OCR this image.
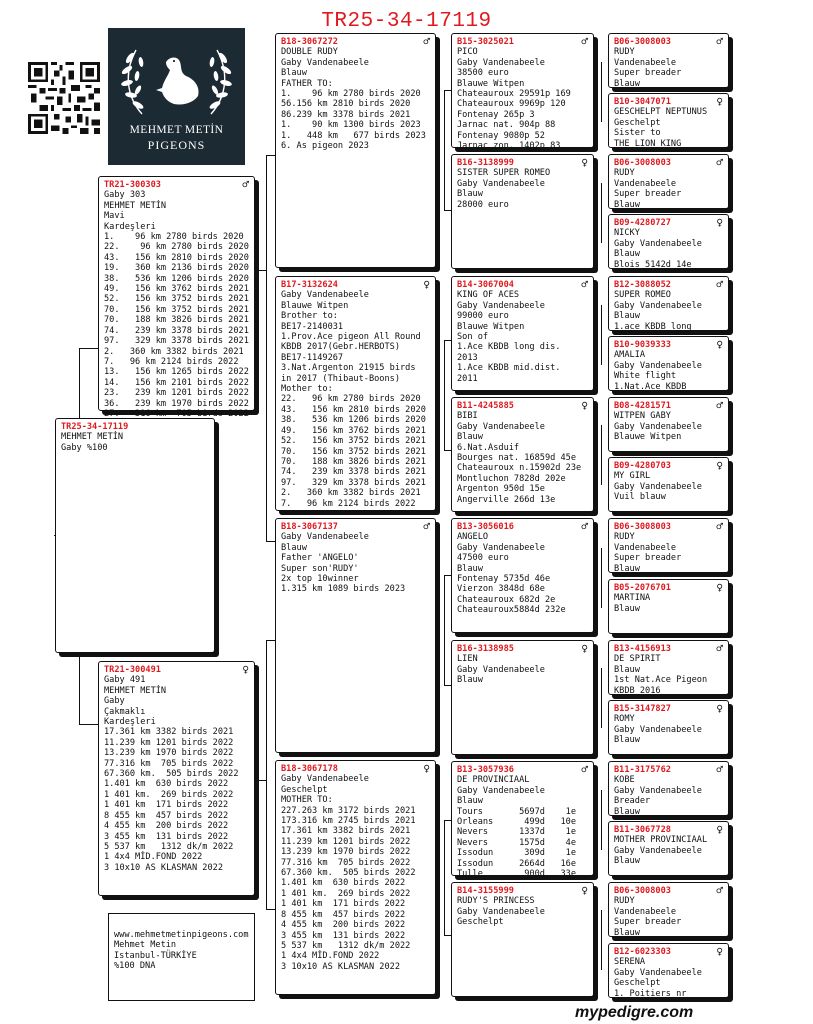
TR25-34-17119
MEHMET METİN
PIGEONS
TR25-34-17119
MEHMET METİN
Gaby %100
TR21-300303	♂
Gaby 303
MEHMET METİN
Mavi
Kardeşleri
1.    96 km 2780 birds 2020
22.    96 km 2780 birds 2020
43.   156 km 2810 birds 2020
19.   360 km 2136 birds 2020
38.   536 km 1206 birds 2020
49.   156 km 3762 birds 2021
52.   156 km 3752 birds 2021
70.   156 km 3752 birds 2021
70.   188 km 3826 birds 2021
74.   239 km 3378 birds 2021
97.   329 km 3378 birds 2021
2.   360 km 3382 birds 2021
7.   96 km 2124 birds 2022
13.   156 km 1265 birds 2022
14.   156 km 2101 birds 2022
23.   239 km 1201 birds 2022
36.   239 km 1970 birds 2022
27.   316 km  705 birds 2022
TR21-300491	♀
Gaby 491
MEHMET METİN
Gaby
Çakmaklı
Kardeşleri
17.361 km 3382 birds 2021
11.239 km 1201 birds 2022
13.239 km 1970 birds 2022
77.316 km  705 birds 2022
67.360 km.  505 birds 2022
1.401 km  630 birds 2022
1 401 km.  269 birds 2022
1 401 km  171 birds 2022
8 455 km  457 birds 2022
4 455 km  200 birds 2022
3 455 km  131 birds 2022
5 537 km   1312 dk/m 2022
1 4x4 MİD.FOND 2022
3 10x10 AS KLASMAN 2022
B18-3067272	♂
DOUBLE RUDY
Gaby Vandenabeele
Blauw
FATHER TO:
1.    96 km 2780 birds 2020
56.156 km 2810 birds 2020
86.239 km 3378 birds 2021
1.    90 km 1300 birds 2023
1.   448 km   677 birds 2023
6. As pigeon 2023
B17-3132624	♀
Gaby Vandenabeele
Blauwe Witpen
Brother to:
BE17-2140031
1.Prov.Ace pigeon All Round
KBDB 2017(Gebr.HERBOTS)
BE17-1149267
3.Nat.Argenton 21915 birds
in 2017 (Thibaut-Boons)
Mother to:
22.   96 km 2780 birds 2020
43.   156 km 2810 birds 2020
38.   536 km 1206 birds 2020
49.   156 km 3762 birds 2021
52.   156 km 3752 birds 2021
70.   156 km 3752 birds 2021
70.   188 km 3826 birds 2021
74.   239 km 3378 birds 2021
97.   329 km 3378 birds 2021
2.   360 km 3382 birds 2021
7.   96 km 2124 birds 2022
B18-3067137	♂
Gaby Vandenabeele
Blauw
Father 'ANGELO'
Super son'RUDY'
2x top 10winner
1.315 km 1089 birds 2023
B18-3067178	♀
Gaby Vandenabeele
Geschelpt
MOTHER TO:
227.263 km 3172 birds 2021
173.316 km 2745 birds 2021
17.361 km 3382 birds 2021
11.239 km 1201 birds 2022
13.239 km 1970 birds 2022
77.316 km  705 birds 2022
67.360 km.  505 birds 2022
1.401 km  630 birds 2022
1 401 km.  269 birds 2022
1 401 km  171 birds 2022
8 455 km  457 birds 2022
4 455 km  200 birds 2022
3 455 km  131 birds 2022
5 537 km   1312 dk/m 2022
1 4x4 MİD.FOND 2022
3 10x10 AS KLASMAN 2022
B15-3025021	♂
PICO
Gaby Vandenabeele
38500 euro
Blauwe Witpen
Chateauroux 29591p 169
Chateauroux 9969p 120
Fontenay 265p 3
Jarnac nat. 904p 88
Fontenay 9080p 52
Jarnac zon. 1402p 83
B16-3138999	♀
SISTER SUPER ROMEO
Gaby Vandenabeele
Blauw
28000 euro
B14-3067004	♂
KING OF ACES
Gaby Vandenabeele
99000 euro
Blauwe Witpen
Son of
1.Ace KBDB long dis.
2013
1.Ace KBDB mid.dist.
2011
B11-4245885	♀
BIBI
Gaby Vandenabeele
Blauw
6.Nat.Asduif
Bourges nat. 16859d 45e
Chateauroux n.15902d 23e
Montluchon 7828d 202e
Argenton 950d 15e
Angerville 266d 13e
B13-3056016	♂
ANGELO
Gaby Vandenabeele
47500 euro
Blauw
Fontenay 5735d 46e
Vierzon 3848d 68e
Chateauroux 682d 2e
Chateauroux5884d 232e
B16-3138985	♀
LIEN
Gaby Vandenabeele
Blauw
B13-3057936	♂
DE PROVINCIAAL
Gaby Vandenabeele
Blauw
Tours       5697d    1e
Orleans      499d   10e
Nevers      1337d    1e
Nevers      1575d    4e
Issodun      309d    1e
Issodun     2664d   16e
Tulle        900d   33e
B14-3155999	♀
RUDY'S PRINCESS
Gaby Vandenabeele
Geschelpt
B06-3008003	♂
RUDY
Vandenabeele
Super breader
Blauw
B10-3047071	♀
GESCHELPT NEPTUNUS
Geschelpt
Sister to
THE LION KING
B06-3008003	♂
RUDY
Vandenabeele
Super breader
Blauw
B09-4280727	♀
NICKY
Gaby Vandenabeele
Blauw
Blois 5142d 14e
B12-3088052	♂
SUPER ROMEO
Gaby Vandenabeele
Blauw
1.ace KBDB long
B10-9039333	♀
AMALIA
Gaby Vandenabeele
White flight
1.Nat.Ace KBDB
B08-4281571	♂
WITPEN GABY
Gaby Vandenabeele
Blauwe Witpen
B09-4280703	♀
MY GIRL
Gaby Vandenabeele
Vuil blauw
B06-3008003	♂
RUDY
Vandenabeele
Super breader
Blauw
B05-2076701	♀
MARTINA
Blauw
B13-4156913	♂
DE SPIRIT
Blauw
1st Nat.Ace Pigeon
KBDB 2016
B15-3147827	♀
ROMY
Gaby Vandenabeele
Blauw
B11-3175762	♂
KOBE
Gaby Vandenabeele
Breader
Blauw
B11-3067728	♀
MOTHER PROVINCIAAL
Gaby Vandenabeele
Blauw
B06-3008003	♂
RUDY
Vandenabeele
Super breader
Blauw
B12-6023303	♀
SERENA
Gaby Vandenabeele
Geschelpt
1. Poitiers nr
www.mehmetmetinpigeons.com
Mehmet Metin
Istanbul-TÜRKİYE
%100 DNA
mypedigre.com
